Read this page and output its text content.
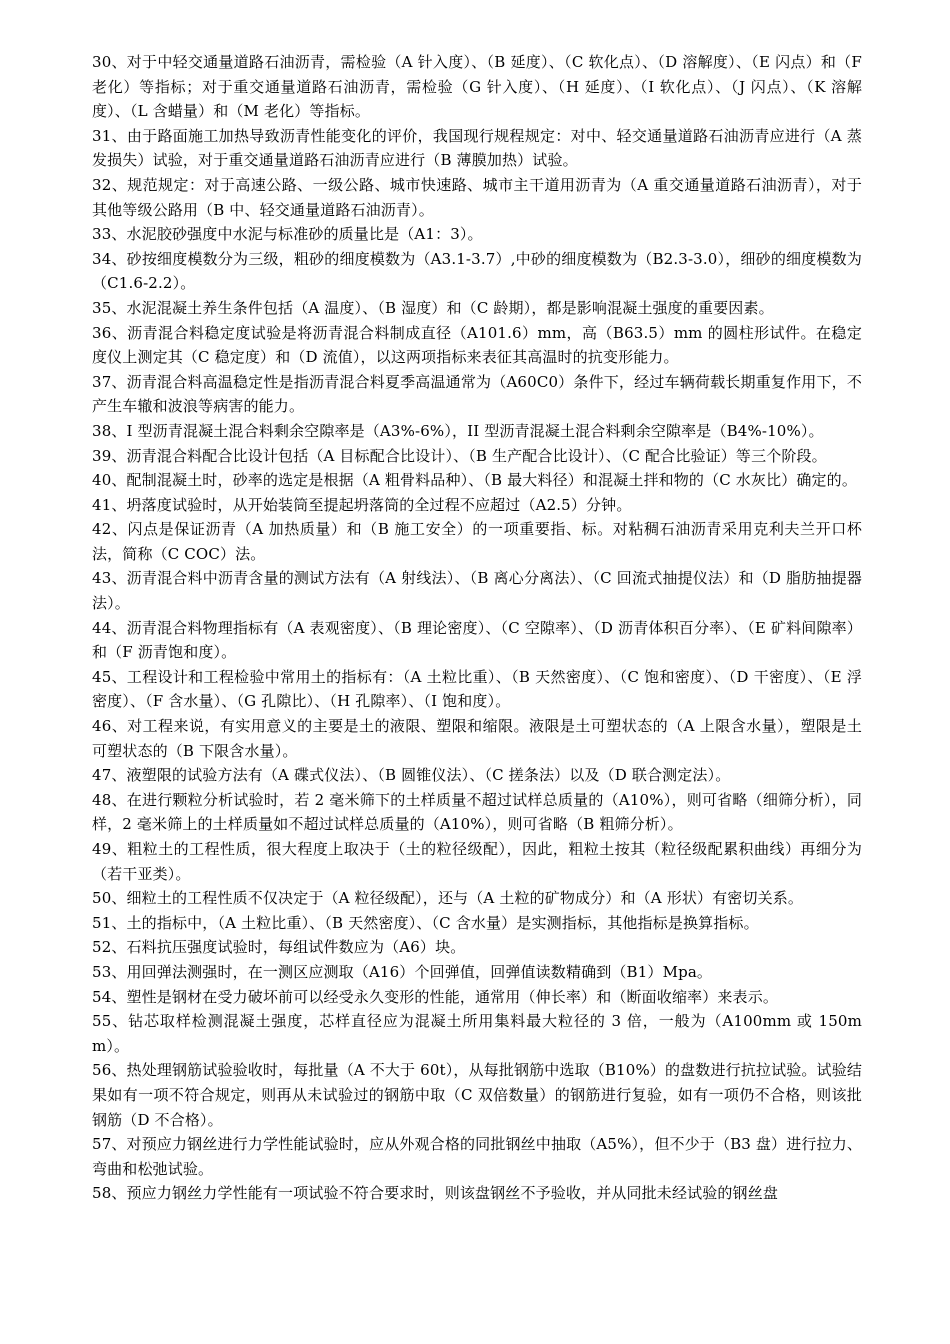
30、对于中轻交通量道路石油沥青，需检验（A 针入度）、（B 延度）、（C 软化点）、（D 溶解度）、（E 闪点）和（F 老化）等指标；对于重交通量道路石油沥青，需检验（G 针入度）、（H 延度）、（I 软化点）、（J 闪点）、（K 溶解度）、（L 含蜡量）和（M 老化）等指标。

31、由于路面施工加热导致沥青性能变化的评价，我国现行规程规定：对中、轻交通量道路石油沥青应进行（A 蒸发损失）试验，对于重交通量道路石油沥青应进行（B 薄膜加热）试验。

32、规范规定：对于高速公路、一级公路、城市快速路、城市主干道用沥青为（A 重交通量道路石油沥青），对于其他等级公路用（B 中、轻交通量道路石油沥青）。

33、水泥胶砂强度中水泥与标准砂的质量比是（A1：3）。

34、砂按细度模数分为三级，粗砂的细度模数为（A3.1-3.7）,中砂的细度模数为（B2.3-3.0），细砂的细度模数为（C1.6-2.2）。

35、水泥混凝土养生条件包括（A 温度）、（B 湿度）和（C 龄期），都是影响混凝土强度的重要因素。

36、沥青混合料稳定度试验是将沥青混合料制成直径（A101.6）mm，高（B63.5）mm 的圆柱形试件。在稳定度仪上测定其（C 稳定度）和（D 流值），以这两项指标来表征其高温时的抗变形能力。

37、沥青混合料高温稳定性是指沥青混合料夏季高温通常为（A60C0）条件下，经过车辆荷载长期重复作用下，不产生车辙和波浪等病害的能力。

38、I 型沥青混凝土混合料剩余空隙率是（A3%-6%），II 型沥青混凝土混合料剩余空隙率是（B4%-10%）。

39、沥青混合料配合比设计包括（A 目标配合比设计）、（B 生产配合比设计）、（C 配合比验证）等三个阶段。

40、配制混凝土时，砂率的选定是根据（A 粗骨料品种）、（B 最大料径）和混凝土拌和物的（C 水灰比）确定的。

41、坍落度试验时，从开始装筒至提起坍落筒的全过程不应超过（A2.5）分钟。

42、闪点是保证沥青（A 加热质量）和（B 施工安全）的一项重要指、标。对粘稠石油沥青采用克利夫兰开口杯法，简称（C COC）法。

43、沥青混合料中沥青含量的测试方法有（A 射线法）、（B 离心分离法）、（C 回流式抽提仪法）和（D 脂肪抽提器法）。

44、沥青混合料物理指标有（A 表观密度）、（B 理论密度）、（C 空隙率）、（D 沥青体积百分率）、（E 矿料间隙率）和（F 沥青饱和度）。

45、工程设计和工程检验中常用土的指标有：（A 土粒比重）、（B 天然密度）、（C 饱和密度）、（D 干密度）、（E 浮密度）、（F 含水量）、（G 孔隙比）、（H 孔隙率）、（I 饱和度）。

46、对工程来说，有实用意义的主要是土的液限、塑限和缩限。液限是土可塑状态的（A 上限含水量），塑限是土可塑状态的（B 下限含水量）。

47、液塑限的试验方法有（A 碟式仪法）、（B 圆锥仪法）、（C 搓条法）以及（D 联合测定法）。

48、在进行颗粒分析试验时，若 2 毫米筛下的土样质量不超过试样总质量的（A10%），则可省略（细筛分析），同样，2 毫米筛上的土样质量如不超过试样总质量的（A10%），则可省略（B 粗筛分析）。

49、粗粒土的工程性质，很大程度上取决于（土的粒径级配），因此，粗粒土按其（粒径级配累积曲线）再细分为（若干亚类）。

50、细粒土的工程性质不仅决定于（A 粒径级配），还与（A 土粒的矿物成分）和（A 形状）有密切关系。

51、土的指标中，（A 土粒比重）、（B 天然密度）、（C 含水量）是实测指标，其他指标是换算指标。

52、石料抗压强度试验时，每组试件数应为（A6）块。

53、用回弹法测强时，在一测区应测取（A16）个回弹值，回弹值读数精确到（B1）Mpa。

54、塑性是钢材在受力破坏前可以经受永久变形的性能，通常用（伸长率）和（断面收缩率）来表示。

55、钻芯取样检测混凝土强度，芯样直径应为混凝土所用集料最大粒径的 3 倍，一般为（A100mm 或 150mm）。

56、热处理钢筋试验验收时，每批量（A 不大于 60t），从每批钢筋中选取（B10%）的盘数进行抗拉试验。试验结果如有一项不符合规定，则再从未试验过的钢筋中取（C 双倍数量）的钢筋进行复验，如有一项仍不合格，则该批钢筋（D 不合格）。

57、对预应力钢丝进行力学性能试验时，应从外观合格的同批钢丝中抽取（A5%），但不少于（B3 盘）进行拉力、弯曲和松弛试验。

58、预应力钢丝力学性能有一项试验不符合要求时，则该盘钢丝不予验收，并从同批未经试验的钢丝盘
